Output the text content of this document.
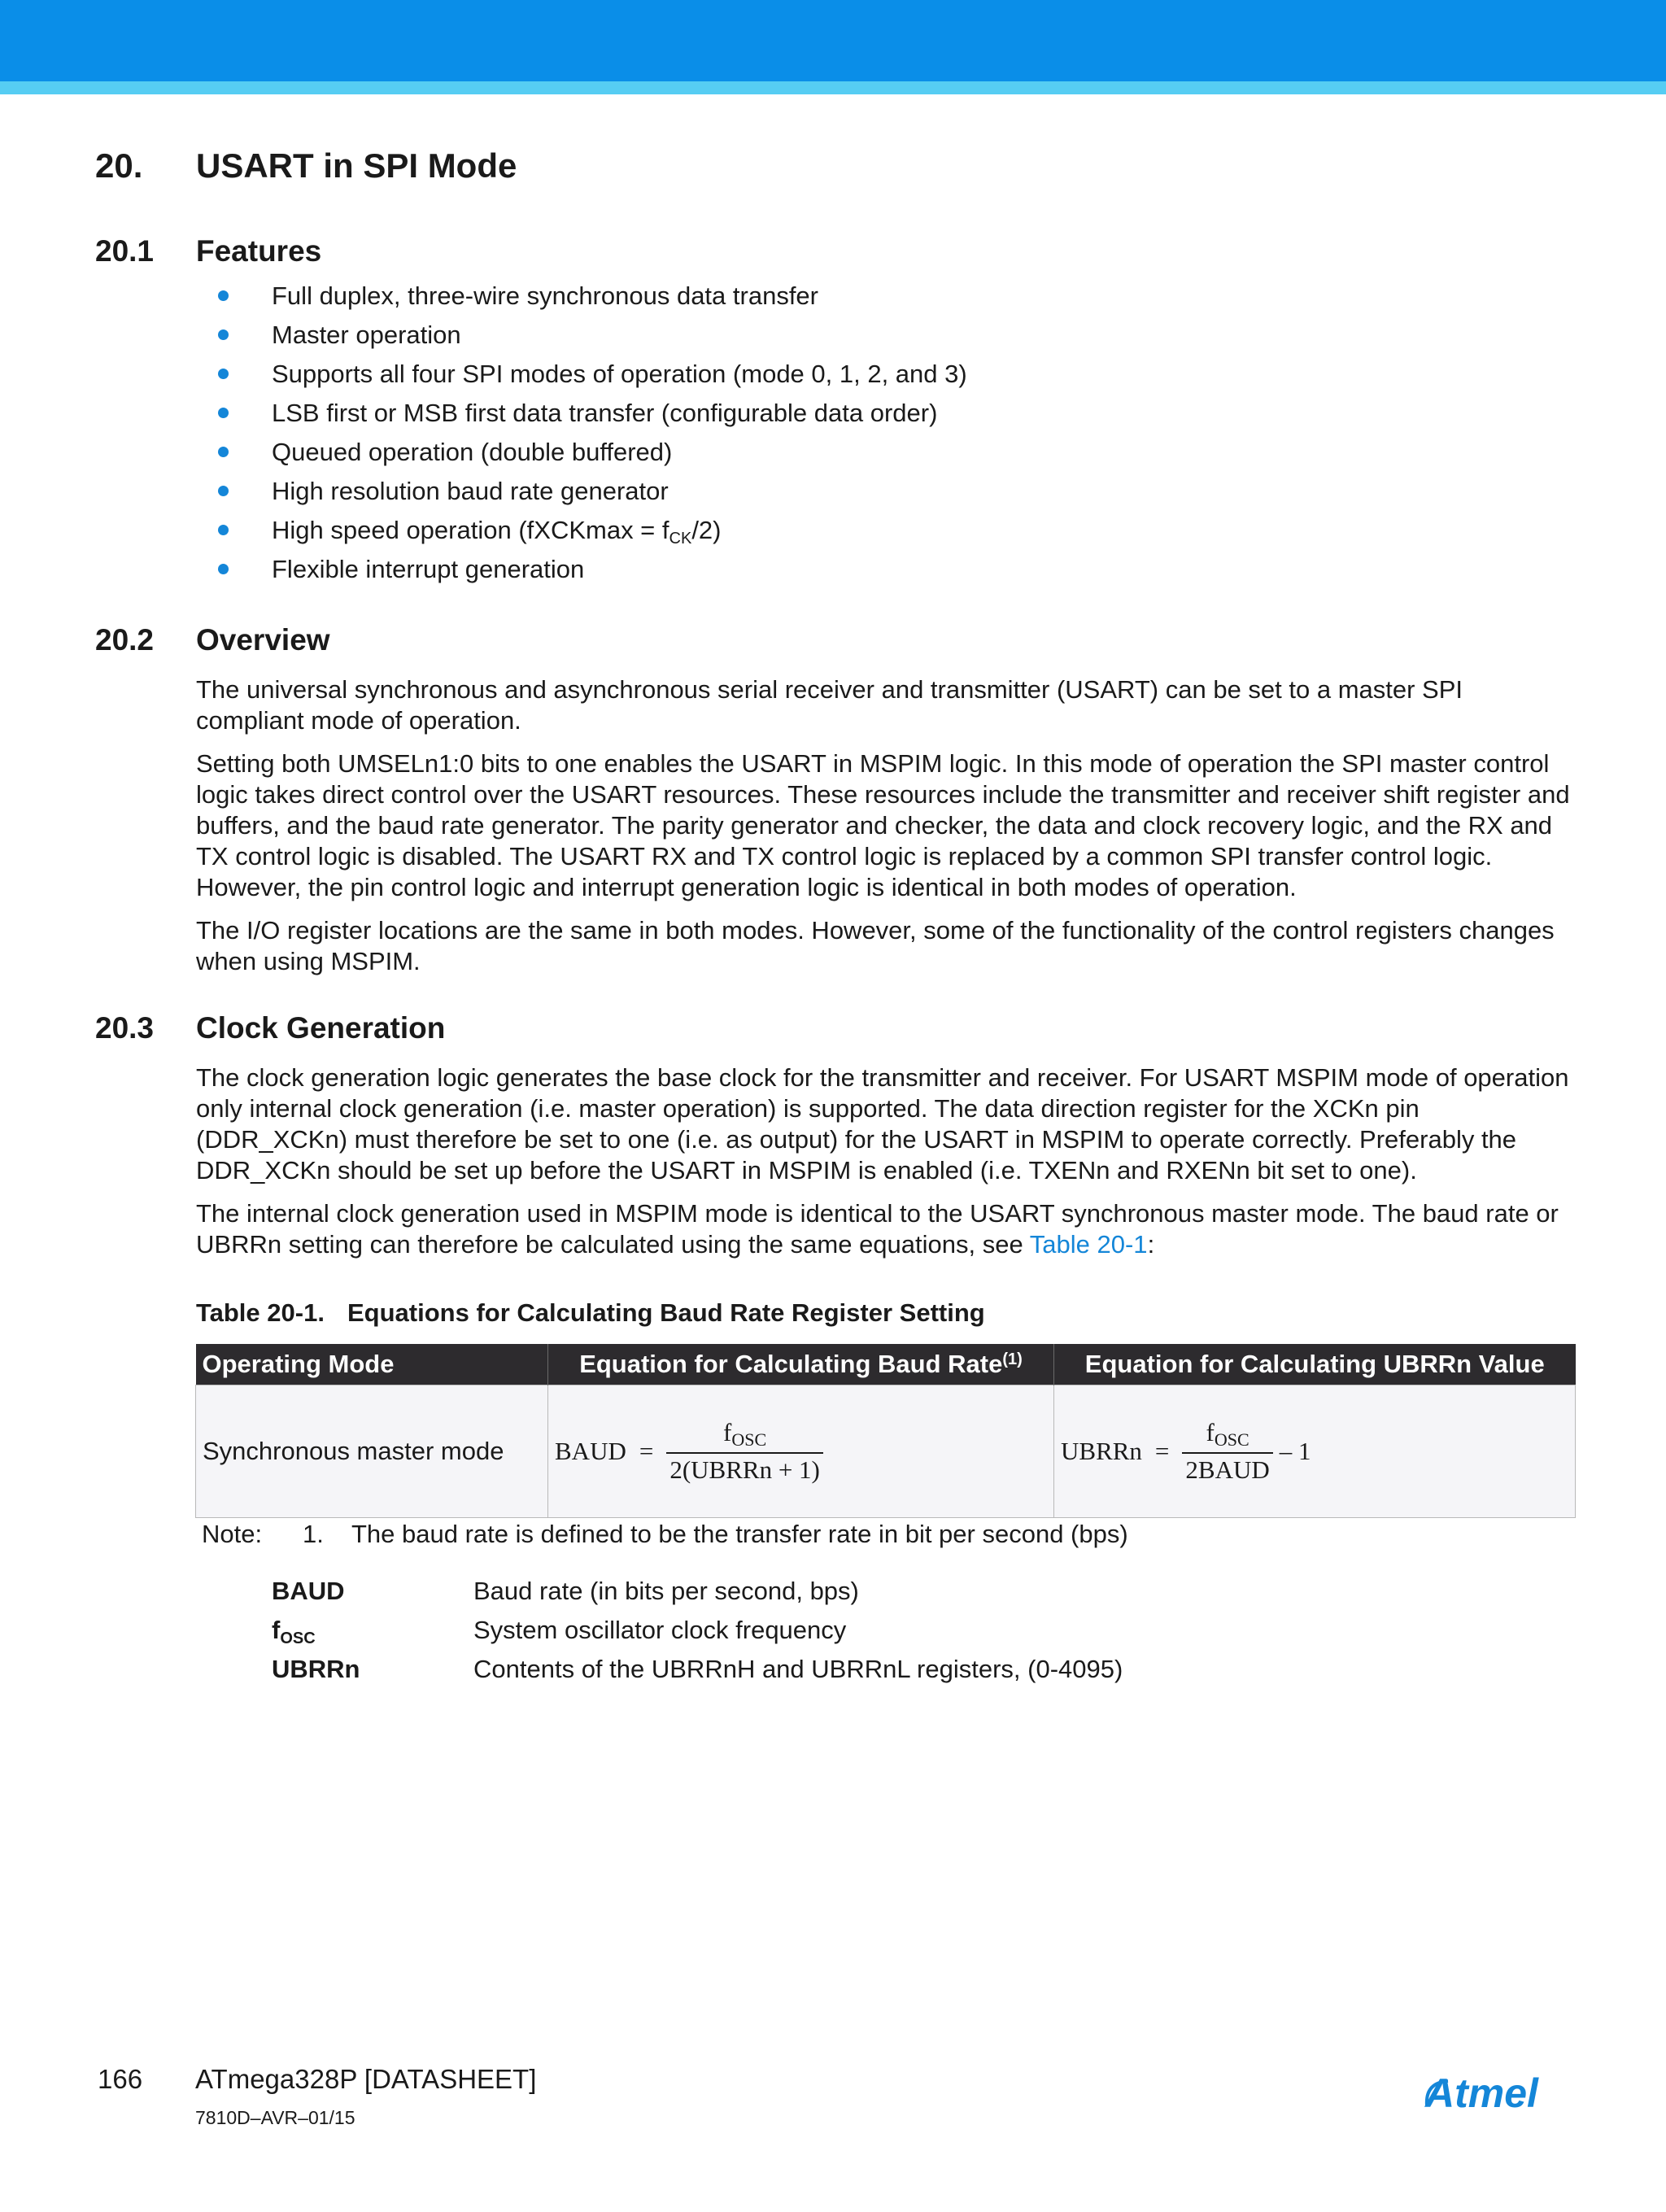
20. USART in SPI Mode
20.1 Features
Full duplex, three-wire synchronous data transfer
Master operation
Supports all four SPI modes of operation (mode 0, 1, 2, and 3)
LSB first or MSB first data transfer (configurable data order)
Queued operation (double buffered)
High resolution baud rate generator
High speed operation (fXCKmax = $f_{CK}/2$)
Flexible interrupt generation
20.2 Overview

The universal synchronous and asynchronous serial receiver and transmitter (USART) can be set to a master SPI compliant mode of operation.

Setting both UMSELn1:0 bits to one enables the USART in MSPIM logic. In this mode of operation the SPI master control logic takes direct control over the USART resources. These resources include the transmitter and receiver shift register and buffers, and the baud rate generator. The parity generator and checker, the data and clock recovery logic, and the RX and TX control logic is disabled. The USART RX and TX control logic is replaced by a common SPI transfer control logic. However, the pin control logic and interrupt generation logic is identical in both modes of operation.

The I/O register locations are the same in both modes. However, some of the functionality of the control registers changes when using MSPIM.

20.3 Clock Generation

The clock generation logic generates the base clock for the transmitter and receiver. For USART MSPIM mode of operation only internal clock generation (i.e. master operation) is supported. The data direction register for the XCKn pin (DDR_XCKn) must therefore be set to one (i.e. as output) for the USART in MSPIM to operate correctly. Preferably the DDR_XCKn should be set up before the USART in MSPIM is enabled (i.e. TXENn and RXENn bit set to one).

The internal clock generation used in MSPIM mode is identical to the USART synchronous master mode. The baud rate or UBRRn setting can therefore be calculated using the same equations, see Table 20-1:

Table 20-1. Equations for Calculating Baud Rate Register Setting
Operating Mode	Equation for Calculating Baud Rate$^{(1)}$	Equation for Calculating UBRRn Value
Synchronous master mode	BAUD = $\frac{\text{fOSC}}{\text{2(UBRRn + 1)}}$	UBRRn = $\frac{\text{fOSC}}{\text{2BAUD}} - 1$
Note: 1. The baud rate is defined to be the transfer rate in bit per second (bps)
BAUD	Baud rate (in bits per second, bps)
$f_{OSC}$	System oscillator clock frequency
UBRRn	Contents of the UBRRnH and UBRRnL registers, (0-4095)
166 ATmega328P [DATASHEET]
7810D–AVR–01/15
Atmel
